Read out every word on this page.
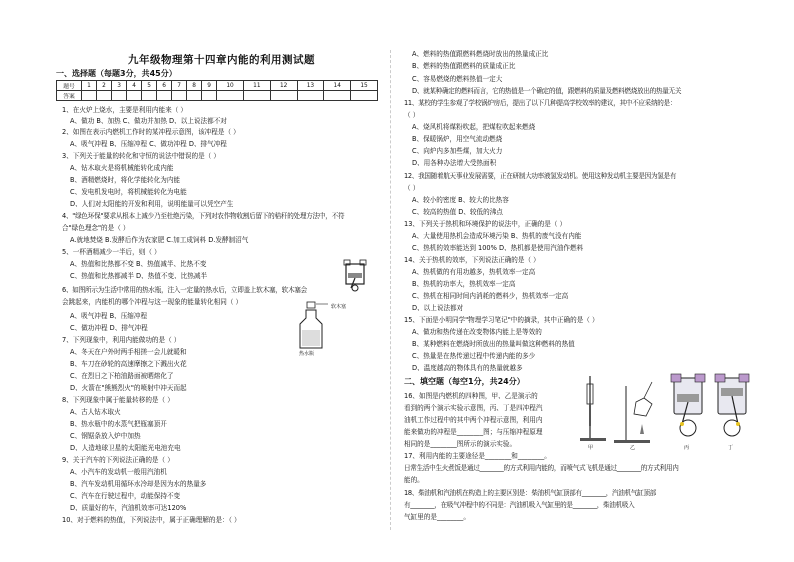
九年级物理第十四章内能的利用测试题
一、选择题（每题3分，共45分）
题号	1	2	3	4	5	6	7	8	9	10	11	12	13	14	15
答案															
1、在火炉上烧水，主要是利用内能来（ ）
A、做功 B、加热 C、做功并加热 D、以上说法都不对
2、如图在表示内燃机工作时的某冲程示意图，该冲程是（ ）
A、吸气冲程 B、压缩冲程 C、做功冲程 D、排气冲程
3、下列关于能量的转化和守恒的说法中错误的是（ ）
A、钻木取火是将机械能转化成内能
B、酒精燃烧时，将化学能转化为内能
C、发电机发电时，将机械能转化为电能
D、人们对太阳能的开发和利用，说明能量可以凭空产生
4、"绿色环保"要求从根本上减少乃至杜绝污染，下列对农作物收割后留下的秸秆的处理方法中，不符
合"绿色理念"的是（ ）
A.就地焚烧 B.发酵后作为农家肥 C.加工成饲料 D.发酵制沼气
5、一杯酒精减少一半后，则（ ）
A、热值和比热都不变 B、热值减半、比热不变
C、热值和比热都减半 D、热值不变、比热减半
6、如图所示为生活中常用的热水瓶，注入一定量的热水后，立即盖上软木塞，软木塞会
会跳起来，内能机的哪个冲程与这一现象的能量转化相同（ ）
A、吸气冲程 B、压缩冲程
C、做功冲程 D、排气冲程
7、下列现象中，利用内能做功的是（ ）
A、冬天在户外时两手相搓一会儿就暖和
B、车刀在砂轮的高速摩擦之下溅出火花
C、在烈日之下柏油路面被晒熔化了
D、火箭在"熊熊烈火"的喷射中冲天而起
8、下列现象中属于能量转移的是（ ）
A、古人钻木取火
B、热水瓶中的水蒸气把瓶塞顶开
C、钢锯条放入炉中加热
D、人造地球卫星的太阳能光电池充电
9、关于汽车的下列说法正确的是（ ）
A、小汽车的发动机一般用汽油机
B、汽车发动机用循环水冷却是因为水的热量多
C、汽车在行驶过程中，动能保持不变
D、质量好的车，汽油机效率可达120%
10、对于燃料的热值，下列说法中，属于正确理解的是：（ ）
软木塞
热水瓶
A、燃料的热值跟燃料燃烧时放出的热量成正比
B、燃料的热值跟燃料的质量成正比
C、容易燃烧的燃料热值一定大
D、就某种确定的燃料而言，它的热值是一个确定的值，跟燃料的质量及燃料燃烧放出的热量无关
11、某校的学生参观了学校锅炉房后，提出了以下几种提高学校效率的建议，其中不应采纳的是：
（ ）
A、烧风机将煤粉吹起，把煤粒吹起来燃烧
B、保暖锅炉，用空气流动燃烧
C、向炉内多加些煤，加大火力
D、用各种办法增大受热面积
12、我国随着航天事业发展需要，正在研制大功率液氢发动机。使用这种发动机主要是因为氢是有
（ ）
A、较小的密度 B、较大的比热容
C、较高的热值 D、较低的沸点
13、下列关于热机和环境保护的说法中，正确的是（ ）
A、大量使用热机会造成环境污染 B、热机的废气没有内能
C、热机的效率能达到 100% D、热机都是使用汽油作燃料
14、关于热机的效率，下列说法正确的是（ ）
A、热机做的有用功越多，热机效率一定高
B、热机的功率大，热机效率一定高
C、热机在相同时间内消耗的燃料少，热机效率一定高
D、以上说法都对
15、下面是小明同学"物理学习笔记"中的摘录，其中正确的是（ ）
A、做功和热传递在改变物体内能上是等效的
B、某种燃料在燃烧时所放出的热量叫做这种燃料的热值
C、热量是在热传递过程中传递内能的多少
D、温度越高的物体具有的热量就越多
二、填空题（每空1分，共24分）
16、如图是内燃机的四种图，甲、乙是演示的
看到的两个演示实验示意图，丙、丁是四冲程汽
油机工作过程中的其中两个冲程示意图，利用内
能来做功的冲程是________图；与压缩冲程原理
相同的是________图所示的演示实验。
17、利用内能的主要途径是________和________。
日常生活中生火煮饭是通过________的方式利用内能的，而喷气式飞机是通过________的方式利用内
能的。
18、柴油机和汽油机在构造上的主要区别是：柴油机气缸顶部有________，汽油机气缸顶部
有________，在吸气冲程中的不同是：汽油机吸入气缸里的是________，柴油机吸入
气缸里的是________。
甲	乙	丙	丁
